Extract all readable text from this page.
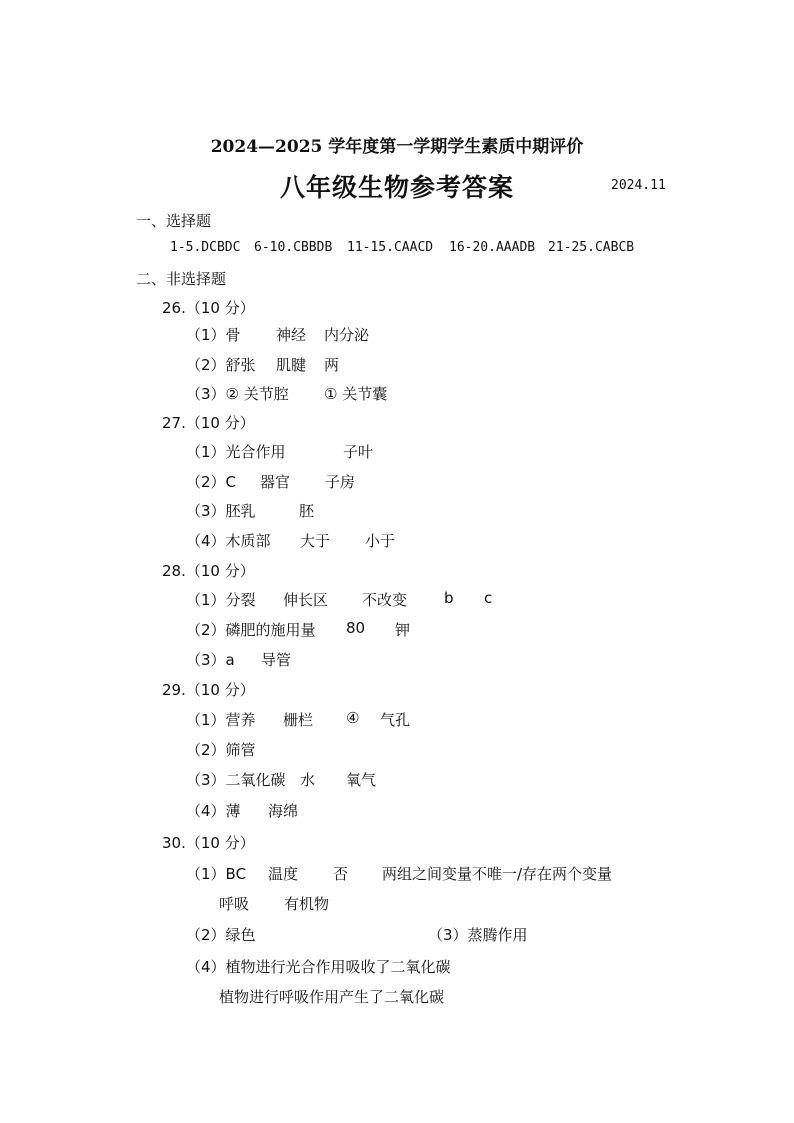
2024—2025 学年度第一学期学生素质中期评价
八年级生物参考答案	2024.11
一、选择题
1-5.DCBDC 6-10.CBBDB 11-15.CAACD 16-20.AAADB 21-25.CABCB
二、非选择题
26.（10 分）
（1）骨 神经 内分泌
（2）舒张 肌腱 两
（3）② 关节腔 ① 关节囊
27.（10 分）
（1）光合作用	子叶
（2）C 器官 子房
（3）胚乳	胚
（4）木质部 大于 小于
28.（10 分）
（1）分裂 伸长区 不改变 b c
（2）磷肥的施用量 80 钾
（3）a 导管
29.（10 分）
（1）营养 栅栏 ④ 气孔
（2）筛管
（3）二氧化碳 水 氧气
（4）薄 海绵
30.（10 分）
（1）BC 温度 否 两组之间变量不唯一/存在两个变量
呼吸 有机物
（2）绿色	（3）蒸腾作用
（4）植物进行光合作用吸收了二氧化碳
植物进行呼吸作用产生了二氧化碳
